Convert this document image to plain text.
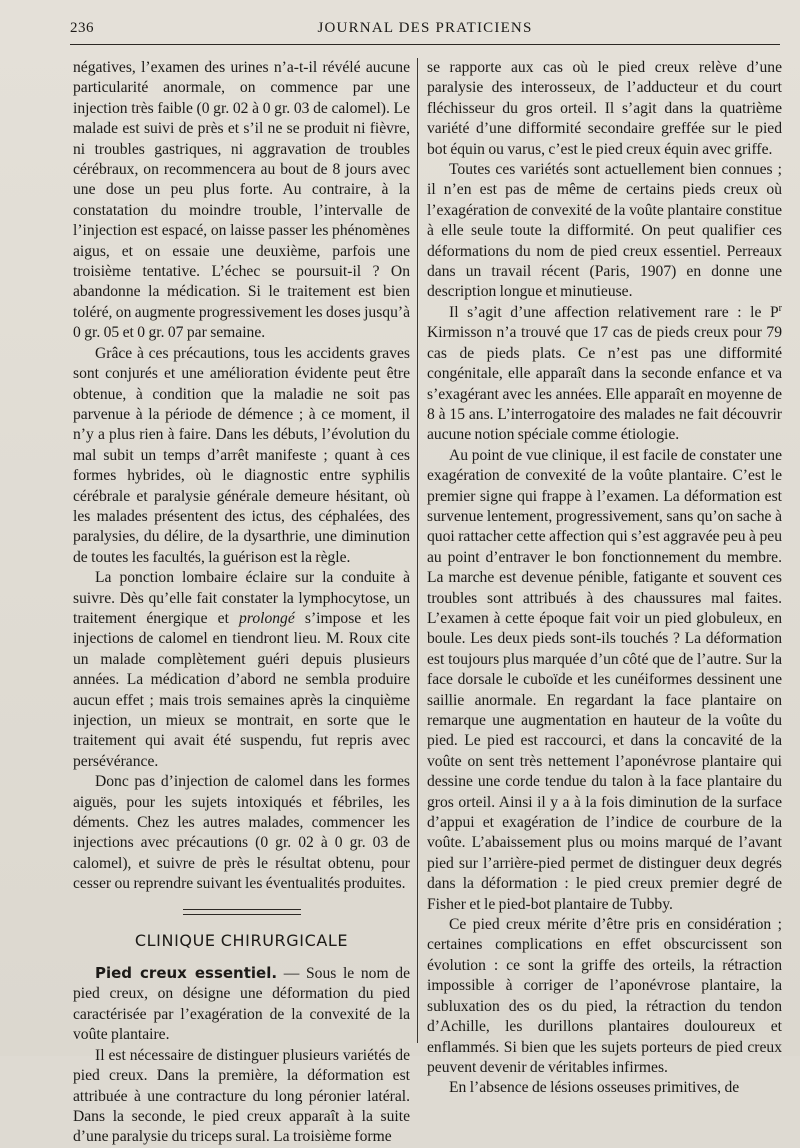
236	JOURNAL DES PRATICIENS

négatives, l’examen des urines n’a-t-il révélé aucune particularité anormale, on commence par une injection très faible (0 gr. 02 à 0 gr. 03 de calomel). Le malade est suivi de près et s’il ne se produit ni fièvre, ni troubles gastriques, ni aggravation de troubles cérébraux, on recommencera au bout de 8 jours avec une dose un peu plus forte. Au contraire, à la constatation du moindre trouble, l’intervalle de l’injection est espacé, on laisse passer les phénomènes aigus, et on essaie une deuxième, parfois une troisième tentative. L’échec se poursuit-il ? On abandonne la médication. Si le traitement est bien toléré, on augmente progressivement les doses jusqu’à 0 gr. 05 et 0 gr. 07 par semaine.

Grâce à ces précautions, tous les accidents graves sont conjurés et une amélioration évidente peut être obtenue, à condition que la maladie ne soit pas parvenue à la période de démence ; à ce moment, il n’y a plus rien à faire. Dans les débuts, l’évolution du mal subit un temps d’arrêt manifeste ; quant à ces formes hybrides, où le diagnostic entre syphilis cérébrale et paralysie générale demeure hésitant, où les malades présentent des ictus, des céphalées, des paralysies, du délire, de la dysarthrie, une diminution de toutes les facultés, la guérison est la règle.

La ponction lombaire éclaire sur la conduite à suivre. Dès qu’elle fait constater la lymphocytose, un traitement énergique et prolongé s’impose et les injections de calomel en tiendront lieu. M. Roux cite un malade complètement guéri depuis plusieurs années. La médication d’abord ne sembla produire aucun effet ; mais trois semaines après la cinquième injection, un mieux se montrait, en sorte que le traitement qui avait été suspendu, fut repris avec persévérance.

Donc pas d’injection de calomel dans les formes aiguës, pour les sujets intoxiqués et fébriles, les déments. Chez les autres malades, commencer les injections avec précautions (0 gr. 02 à 0 gr. 03 de calomel), et suivre de près le résultat obtenu, pour cesser ou reprendre suivant les éventualités produites.

CLINIQUE CHIRURGICALE

Pied creux essentiel. — Sous le nom de pied creux, on désigne une déformation du pied caractérisée par l’exagération de la convexité de la voûte plantaire.

Il est nécessaire de distinguer plusieurs variétés de pied creux. Dans la première, la déformation est attribuée à une contracture du long péronier latéral. Dans la seconde, le pied creux apparaît à la suite d’une paralysie du triceps sural. La troisième forme

se rapporte aux cas où le pied creux relève d’une paralysie des interosseux, de l’adducteur et du court fléchisseur du gros orteil. Il s’agit dans la quatrième variété d’une difformité secondaire greffée sur le pied bot équin ou varus, c’est le pied creux équin avec griffe.

Toutes ces variétés sont actuellement bien connues ; il n’en est pas de même de certains pieds creux où l’exagération de convexité de la voûte plantaire constitue à elle seule toute la difformité. On peut qualifier ces déformations du nom de pied creux essentiel. Perreaux dans un travail récent (Paris, 1907) en donne une description longue et minutieuse.

Il s’agit d’une affection relativement rare : le $P^r$ Kirmisson n’a trouvé que 17 cas de pieds creux pour 79 cas de pieds plats. Ce n’est pas une difformité congénitale, elle apparaît dans la seconde enfance et va s’exagérant avec les années. Elle apparaît en moyenne de 8 à 15 ans. L’interrogatoire des malades ne fait découvrir aucune notion spéciale comme étiologie.

Au point de vue clinique, il est facile de constater une exagération de convexité de la voûte plantaire. C’est le premier signe qui frappe à l’examen. La déformation est survenue lentement, progressivement, sans qu’on sache à quoi rattacher cette affection qui s’est aggravée peu à peu au point d’entraver le bon fonctionnement du membre. La marche est devenue pénible, fatigante et souvent ces troubles sont attribués à des chaussures mal faites. L’examen à cette époque fait voir un pied globuleux, en boule. Les deux pieds sont-ils touchés ? La déformation est toujours plus marquée d’un côté que de l’autre. Sur la face dorsale le cuboïde et les cunéiformes dessinent une saillie anormale. En regardant la face plantaire on remarque une augmentation en hauteur de la voûte du pied. Le pied est raccourci, et dans la concavité de la voûte on sent très nettement l’aponévrose plantaire qui dessine une corde tendue du talon à la face plantaire du gros orteil. Ainsi il y a à la fois diminution de la surface d’appui et exagération de l’indice de courbure de la voûte. L’abaissement plus ou moins marqué de l’avant pied sur l’arrière-pied permet de distinguer deux degrés dans la déformation : le pied creux premier degré de Fisher et le pied-bot plantaire de Tubby.

Ce pied creux mérite d’être pris en considération ; certaines complications en effet obscurcissent son évolution : ce sont la griffe des orteils, la rétraction impossible à corriger de l’aponévrose plantaire, la subluxation des os du pied, la rétraction du tendon d’Achille, les durillons plantaires douloureux et enflammés. Si bien que les sujets porteurs de pied creux peuvent devenir de véritables infirmes.

En l’absence de lésions osseuses primitives, de
